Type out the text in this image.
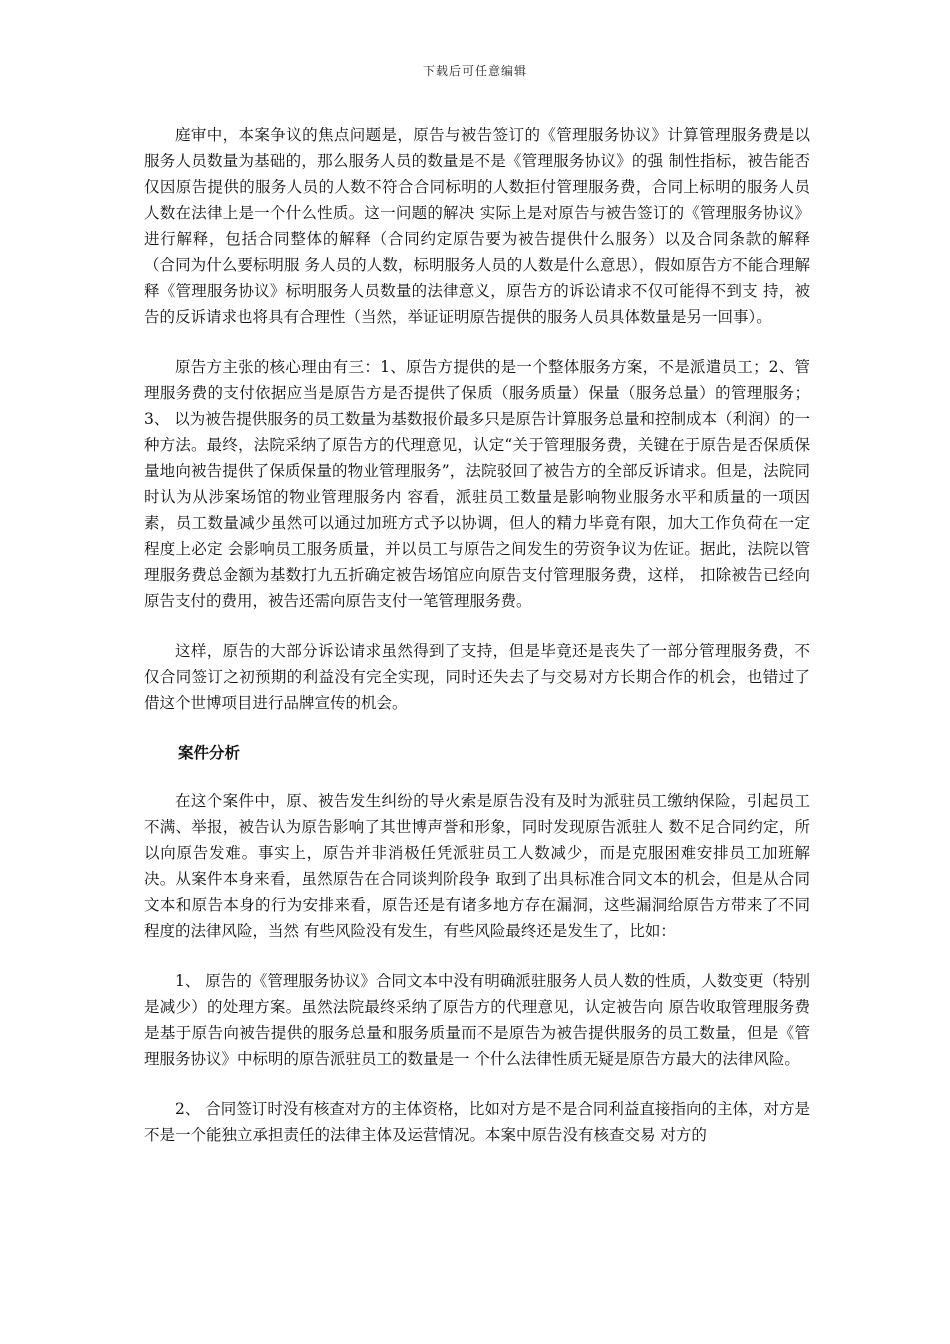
下载后可任意编辑

庭审中，本案争议的焦点问题是，原告与被告签订的《管理服务协议》计算管理服务费是以服务人员数量为基础的，那么服务人员的数量是不是《管理服务协议》的强 制性指标，被告能否仅因原告提供的服务人员的人数不符合合同标明的人数拒付管理服务费，合同上标明的服务人员人数在法律上是一个什么性质。这一问题的解决 实际上是对原告与被告签订的《管理服务协议》进行解释，包括合同整体的解释（合同约定原告要为被告提供什么服务）以及合同条款的解释（合同为什么要标明服 务人员的人数，标明服务人员的人数是什么意思），假如原告方不能合理解释《管理服务协议》标明服务人员数量的法律意义，原告方的诉讼请求不仅可能得不到支 持，被告的反诉请求也将具有合理性（当然，举证证明原告提供的服务人员具体数量是另一回事）。

原告方主张的核心理由有三：1、原告方提供的是一个整体服务方案，不是派遣员工；2、管理服务费的支付依据应当是原告方是否提供了保质（服务质量）保量（服务总量）的管理服务；3、 以为被告提供服务的员工数量为基数报价最多只是原告计算服务总量和控制成本（利润）的一种方法。最终，法院采纳了原告方的代理意见，认定“关于管理服务费，关键在于原告是否保质保量地向被告提供了保质保量的物业管理服务”，法院驳回了被告方的全部反诉请求。但是，法院同时认为从涉案场馆的物业管理服务内 容看，派驻员工数量是影响物业服务水平和质量的一项因素，员工数量减少虽然可以通过加班方式予以协调，但人的精力毕竟有限，加大工作负荷在一定程度上必定 会影响员工服务质量，并以员工与原告之间发生的劳资争议为佐证。据此，法院以管理服务费总金额为基数打九五折确定被告场馆应向原告支付管理服务费，这样， 扣除被告已经向原告支付的费用，被告还需向原告支付一笔管理服务费。

这样，原告的大部分诉讼请求虽然得到了支持，但是毕竟还是丧失了一部分管理服务费，不仅合同签订之初预期的利益没有完全实现，同时还失去了与交易对方长期合作的机会，也错过了借这个世博项目进行品牌宣传的机会。

案件分析

在这个案件中，原、被告发生纠纷的导火索是原告没有及时为派驻员工缴纳保险，引起员工不满、举报，被告认为原告影响了其世博声誉和形象，同时发现原告派驻人 数不足合同约定，所以向原告发难。事实上，原告并非消极任凭派驻员工人数减少，而是克服困难安排员工加班解决。从案件本身来看，虽然原告在合同谈判阶段争 取到了出具标准合同文本的机会，但是从合同文本和原告本身的行为安排来看，原告还是有诸多地方存在漏洞，这些漏洞给原告方带来了不同程度的法律风险，当然 有些风险没有发生，有些风险最终还是发生了，比如：

1、 原告的《管理服务协议》合同文本中没有明确派驻服务人员人数的性质，人数变更（特别是减少）的处理方案。虽然法院最终采纳了原告方的代理意见，认定被告向 原告收取管理服务费是基于原告向被告提供的服务总量和服务质量而不是原告为被告提供服务的员工数量，但是《管理服务协议》中标明的原告派驻员工的数量是一 个什么法律性质无疑是原告方最大的法律风险。

2、 合同签订时没有核查对方的主体资格，比如对方是不是合同利益直接指向的主体，对方是不是一个能独立承担责任的法律主体及运营情况。本案中原告没有核查交易 对方的
